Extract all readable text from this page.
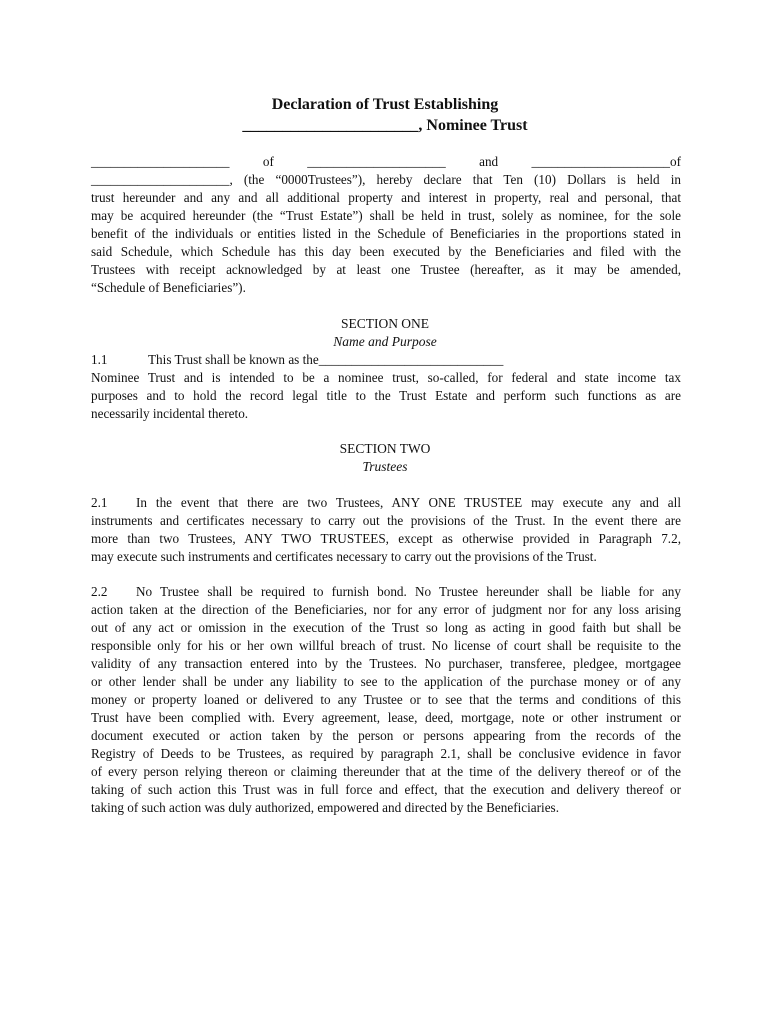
Declaration of Trust Establishing
______________________, Nominee Trust
_____________________ of _____________________ and _____________________of
_____________________, (the “0000Trustees”), hereby declare that Ten (10) Dollars is held in
trust hereunder and any and all additional property and interest in property, real and personal, that
may be acquired hereunder (the “Trust Estate”) shall be held in trust, solely as nominee, for the sole
benefit of the individuals or entities listed in the Schedule of Beneficiaries in the proportions stated in
said Schedule, which Schedule has this day been executed by the Beneficiaries and filed with the
Trustees with receipt acknowledged by at least one Trustee (hereafter, as it may be amended,
“Schedule of Beneficiaries”).
SECTION ONE
Name and Purpose
1.1	This Trust shall be known as the____________________________
Nominee Trust and is intended to be a nominee trust, so-called, for federal and state income tax
purposes and to hold the record legal title to the Trust Estate and perform such functions as are
necessarily incidental thereto.
SECTION TWO
Trustees
2.1 In the event that there are two Trustees, ANY ONE TRUSTEE may execute any and all
instruments and certificates necessary to carry out the provisions of the Trust. In the event there are
more than two Trustees, ANY TWO TRUSTEES, except as otherwise provided in Paragraph 7.2,
may execute such instruments and certificates necessary to carry out the provisions of the Trust.
2.2 No Trustee shall be required to furnish bond. No Trustee hereunder shall be liable for any
action taken at the direction of the Beneficiaries, nor for any error of judgment nor for any loss arising
out of any act or omission in the execution of the Trust so long as acting in good faith but shall be
responsible only for his or her own willful breach of trust. No license of court shall be requisite to the
validity of any transaction entered into by the Trustees. No purchaser, transferee, pledgee, mortgagee
or other lender shall be under any liability to see to the application of the purchase money or of any
money or property loaned or delivered to any Trustee or to see that the terms and conditions of this
Trust have been complied with. Every agreement, lease, deed, mortgage, note or other instrument or
document executed or action taken by the person or persons appearing from the records of the
Registry of Deeds to be Trustees, as required by paragraph 2.1, shall be conclusive evidence in favor
of every person relying thereon or claiming thereunder that at the time of the delivery thereof or of the
taking of such action this Trust was in full force and effect, that the execution and delivery thereof or
taking of such action was duly authorized, empowered and directed by the Beneficiaries.
